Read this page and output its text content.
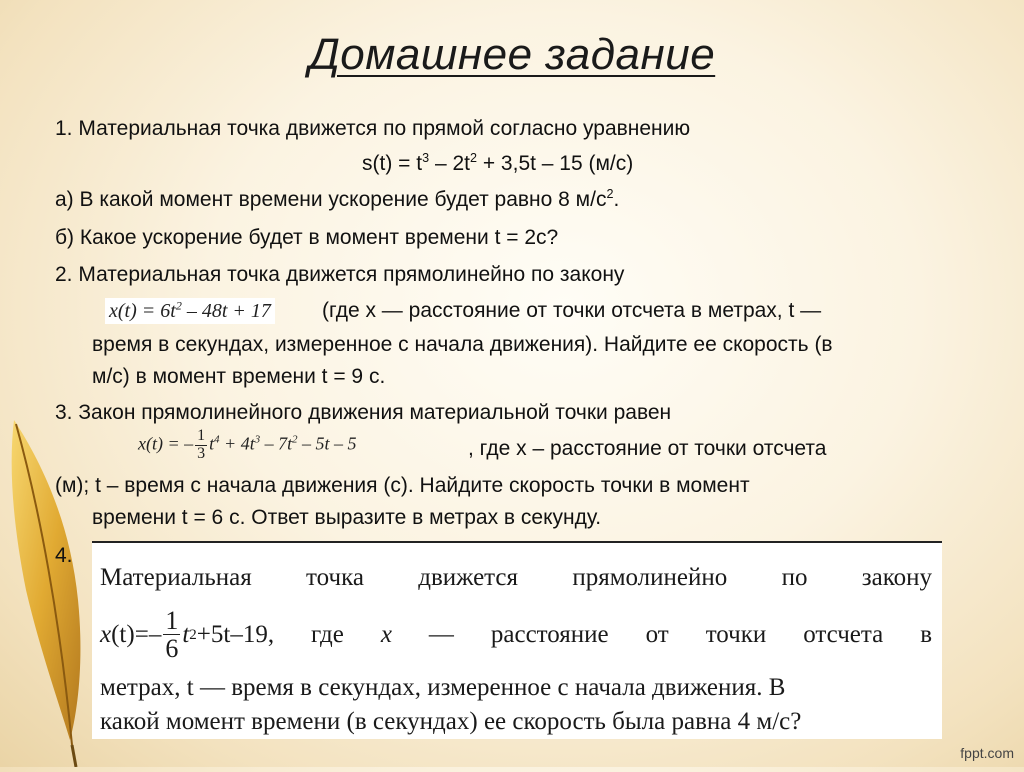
Домашнее задание
1. Материальная точка движется по прямой согласно уравнению
$s(t) = t^3 - 2t^2 + 3,5t - 15$ (м/с)
а) В какой момент времени ускорение будет равно 8 $м/с^2$.
б) Какое ускорение будет в момент времени t = 2с?
2. Материальная точка движется прямолинейно по закону
$x(t) = 6t^2 - 48t + 17$ (где x — расстояние от точки отсчета в метрах, t —
время в секундах, измеренное с начала движения). Найдите ее скорость (в
м/с) в момент времени t = 9 с.
3. Закон прямолинейного движения материальной точки равен
x(t) = – $\frac{1}{3} t^4 + 4t^3 - 7t^2 - 5t - 5$	, где x – расстояние от точки отсчета
(м); t – время с начала движения (с). Найдите скорость точки в момент
времени t = 6 с. Ответ выразите в метрах в секунду.
4.
Материальная точка движется прямолинейно по закону
x $(t) =- \frac{1}{6}$ t 2 +5t–19, где x — расстояние от точки отсчета в
метрах, t — время в секундах, измеренное с начала движения. В
какой момент времени (в секундах) ее скорость была равна 4 м/с?
fppt.com
